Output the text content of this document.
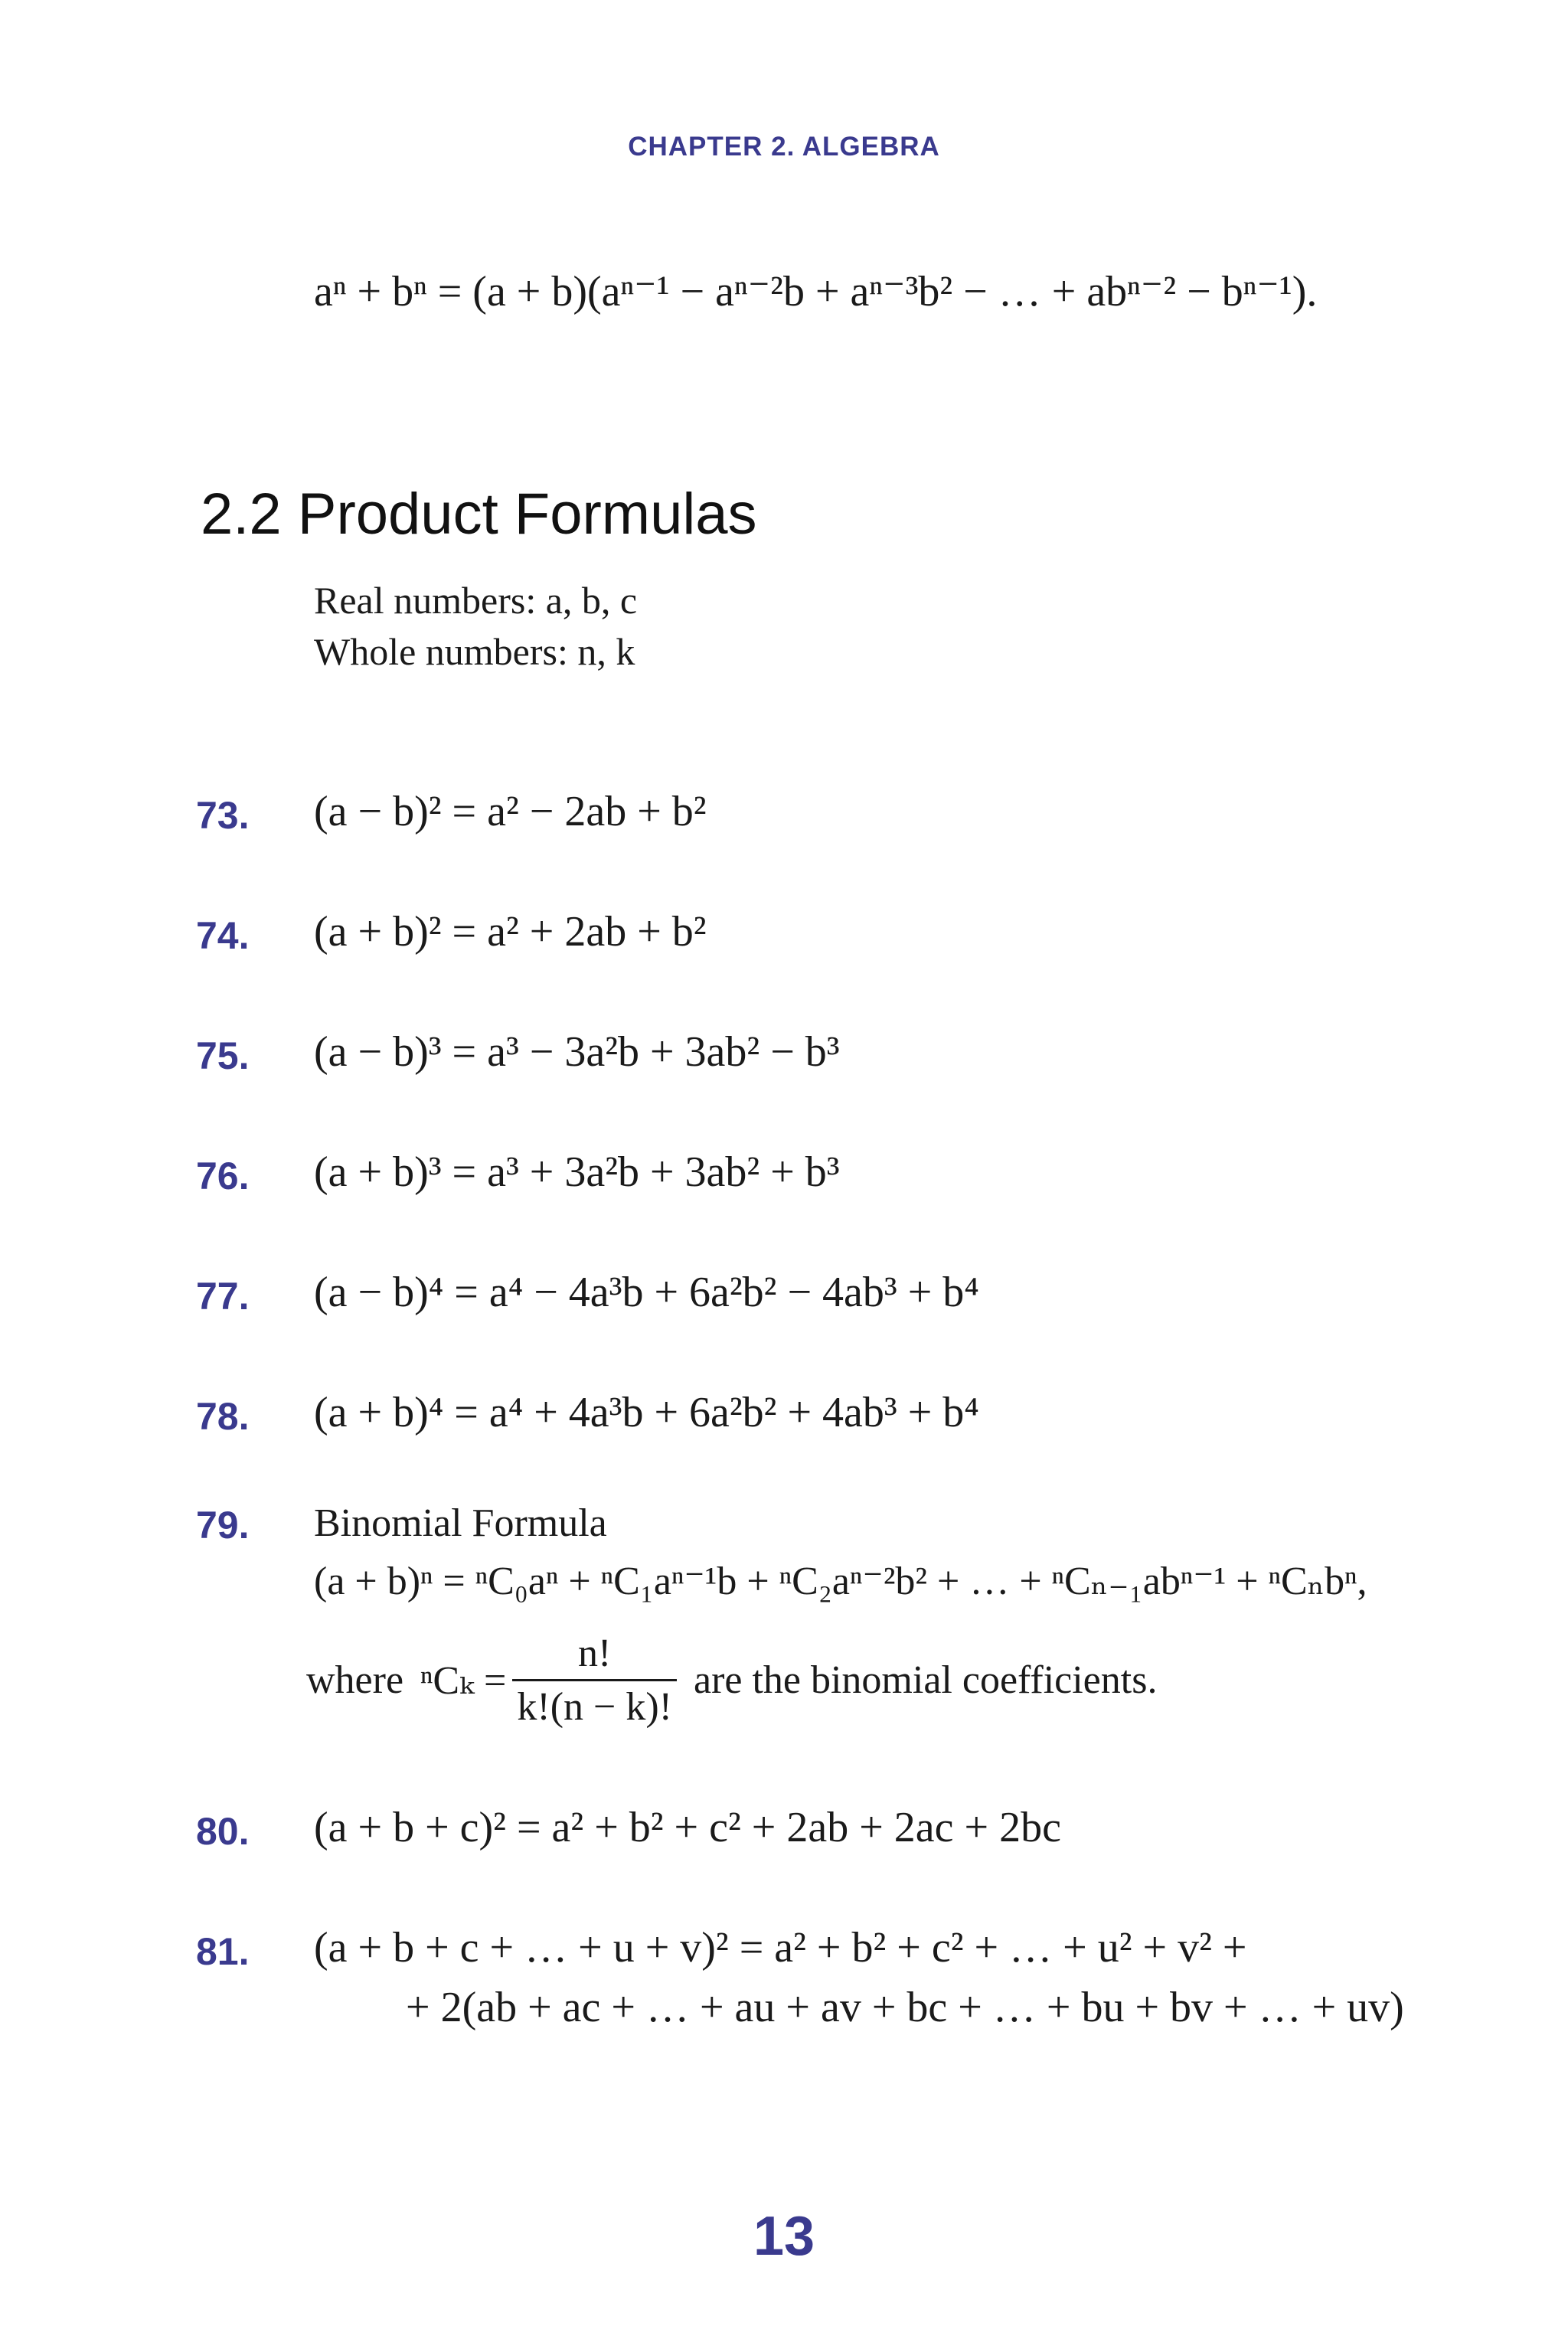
CHAPTER 2. ALGEBRA
aⁿ + bⁿ = (a + b)(aⁿ⁻¹ − aⁿ⁻²b + aⁿ⁻³b² − … + abⁿ⁻² − bⁿ⁻¹).
2.2 Product Formulas
Real numbers: a, b, c
Whole numbers: n, k
73.	(a − b)² = a² − 2ab + b²
74.	(a + b)² = a² + 2ab + b²
75.	(a − b)³ = a³ − 3a²b + 3ab² − b³
76.	(a + b)³ = a³ + 3a²b + 3ab² + b³
77.	(a − b)⁴ = a⁴ − 4a³b + 6a²b² − 4ab³ + b⁴
78.	(a + b)⁴ = a⁴ + 4a³b + 6a²b² + 4ab³ + b⁴
79.	Binomial Formula
(a + b)ⁿ = ⁿC₀aⁿ + ⁿC₁aⁿ⁻¹b + ⁿC₂aⁿ⁻²b² + … + ⁿCₙ₋₁abⁿ⁻¹ + ⁿCₙbⁿ,
where $^nC_k = \frac{n!}{k!(n - k)!}$ are the binomial coefficients.
80.	(a + b + c)² = a² + b² + c² + 2ab + 2ac + 2bc
81.	(a + b + c + … + u + v)² = a² + b² + c² + … + u² + v² +
+ 2(ab + ac + … + au + av + bc + … + bu + bv + … + uv)
13
